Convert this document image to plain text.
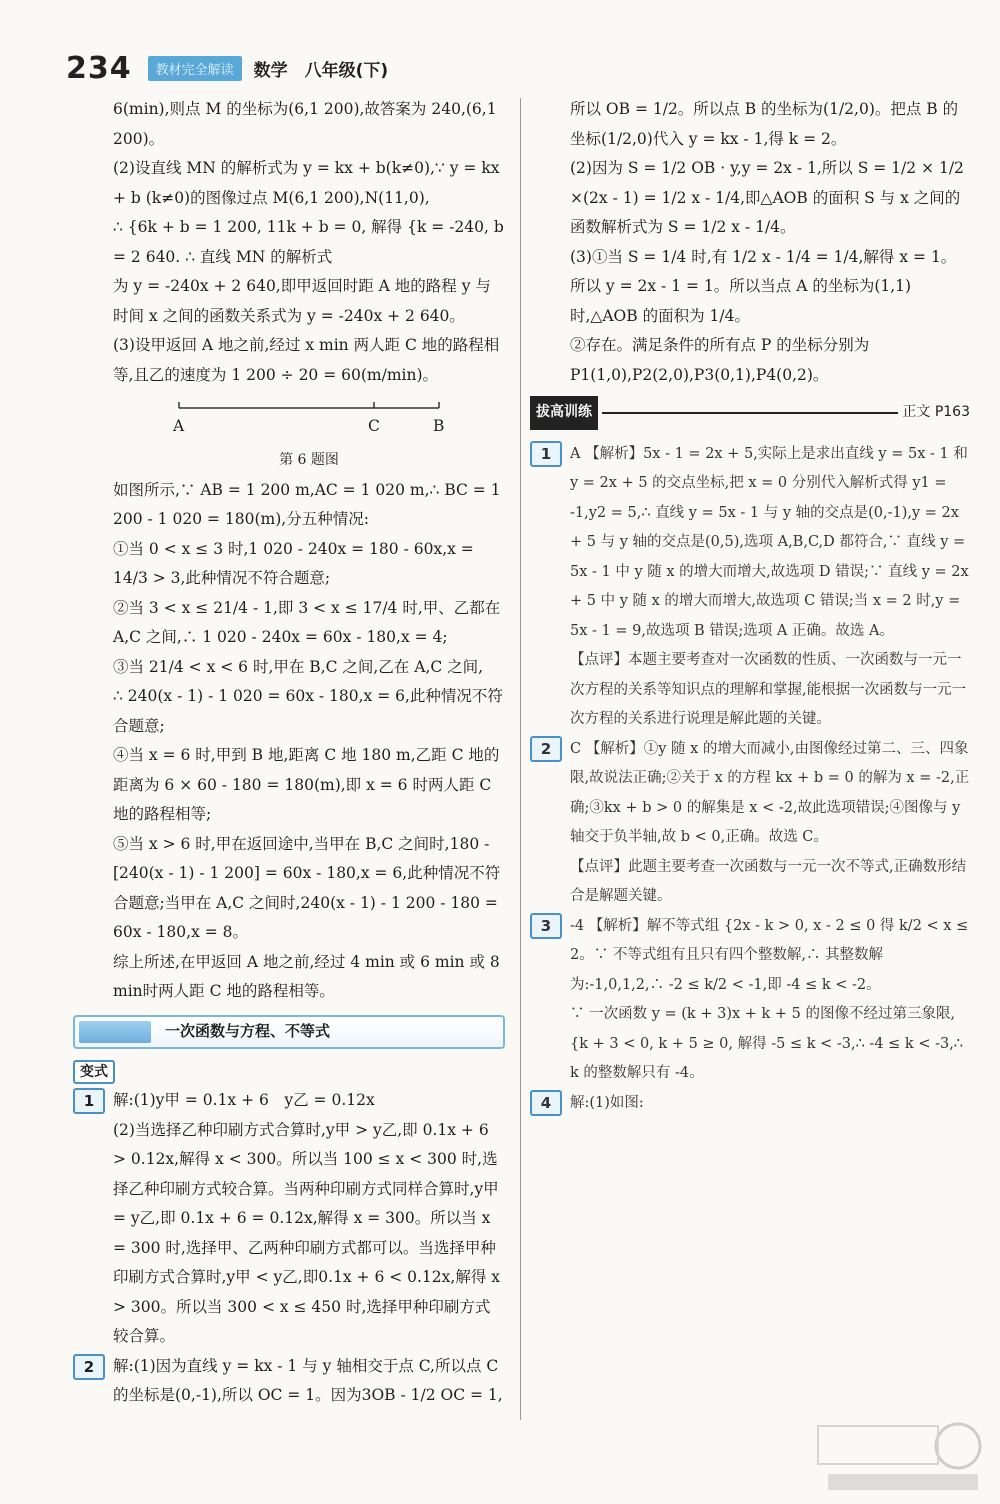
234	教材完全解读	数学　八年级(下)

6(min),则点 M 的坐标为(6,1 200),故答案为 240,(6,1 200)。

(2)设直线 MN 的解析式为 y = kx + b(k≠0),∵ y = kx + b (k≠0)的图像过点 M(6,1 200),N(11,0),

∴ {6k + b = 1 200, 11k + b = 0, 解得 {k = -240, b = 2 640. ∴ 直线 MN 的解析式

为 y = -240x + 2 640,即甲返回时距 A 地的路程 y 与时间 x 之间的函数关系式为 y = -240x + 2 640。

(3)设甲返回 A 地之前,经过 x min 两人距 C 地的路程相等,且乙的速度为 1 200 ÷ 20 = 60(m/min)。

A	C	B
第 6 题图

如图所示,∵ AB = 1 200 m,AC = 1 020 m,∴ BC = 1 200 - 1 020 = 180(m),分五种情况:

①当 0 < x ≤ 3 时,1 020 - 240x = 180 - 60x,x = 14/3 > 3,此种情况不符合题意;

②当 3 < x ≤ 21/4 - 1,即 3 < x ≤ 17/4 时,甲、乙都在 A,C 之间,∴ 1 020 - 240x = 60x - 180,x = 4;

③当 21/4 < x < 6 时,甲在 B,C 之间,乙在 A,C 之间,

∴ 240(x - 1) - 1 020 = 60x - 180,x = 6,此种情况不符合题意;

④当 x = 6 时,甲到 B 地,距离 C 地 180 m,乙距 C 地的距离为 6 × 60 - 180 = 180(m),即 x = 6 时两人距 C 地的路程相等;

⑤当 x > 6 时,甲在返回途中,当甲在 B,C 之间时,180 - [240(x - 1) - 1 200] = 60x - 180,x = 6,此种情况不符合题意;当甲在 A,C 之间时,240(x - 1) - 1 200 - 180 = 60x - 180,x = 8。

综上所述,在甲返回 A 地之前,经过 4 min 或 6 min 或 8 min时两人距 C 地的路程相等。

一次函数与方程、不等式
变式

1 解:(1)y甲 = 0.1x + 6　y乙 = 0.12x

(2)当选择乙种印刷方式合算时,y甲 > y乙,即 0.1x + 6 > 0.12x,解得 x < 300。所以当 100 ≤ x < 300 时,选择乙种印刷方式较合算。当两种印刷方式同样合算时,y甲 = y乙,即 0.1x + 6 = 0.12x,解得 x = 300。所以当 x = 300 时,选择甲、乙两种印刷方式都可以。当选择甲种印刷方式合算时,y甲 < y乙,即0.1x + 6 < 0.12x,解得 x > 300。所以当 300 < x ≤ 450 时,选择甲种印刷方式较合算。

2 解:(1)因为直线 y = kx - 1 与 y 轴相交于点 C,所以点 C 的坐标是(0,-1),所以 OC = 1。因为3OB - 1/2 OC = 1,

所以 OB = 1/2。所以点 B 的坐标为(1/2,0)。把点 B 的坐标(1/2,0)代入 y = kx - 1,得 k = 2。

(2)因为 S = 1/2 OB · y,y = 2x - 1,所以 S = 1/2 × 1/2 ×(2x - 1) = 1/2 x - 1/4,即△AOB 的面积 S 与 x 之间的函数解析式为 S = 1/2 x - 1/4。

(3)①当 S = 1/4 时,有 1/2 x - 1/4 = 1/4,解得 x = 1。所以 y = 2x - 1 = 1。所以当点 A 的坐标为(1,1)时,△AOB 的面积为 1/4。

②存在。满足条件的所有点 P 的坐标分别为 P1(1,0),P2(2,0),P3(0,1),P4(0,2)。

拔高训练	正文 P163

1 A 【解析】5x - 1 = 2x + 5,实际上是求出直线 y = 5x - 1 和 y = 2x + 5 的交点坐标,把 x = 0 分别代入解析式得 y1 = -1,y2 = 5,∴ 直线 y = 5x - 1 与 y 轴的交点是(0,-1),y = 2x + 5 与 y 轴的交点是(0,5),选项 A,B,C,D 都符合,∵ 直线 y = 5x - 1 中 y 随 x 的增大而增大,故选项 D 错误;∵ 直线 y = 2x + 5 中 y 随 x 的增大而增大,故选项 C 错误;当 x = 2 时,y = 5x - 1 = 9,故选项 B 错误;选项 A 正确。故选 A。

【点评】本题主要考查对一次函数的性质、一次函数与一元一次方程的关系等知识点的理解和掌握,能根据一次函数与一元一次方程的关系进行说理是解此题的关键。

2 C 【解析】①y 随 x 的增大而减小,由图像经过第二、三、四象限,故说法正确;②关于 x 的方程 kx + b = 0 的解为 x = -2,正确;③kx + b > 0 的解集是 x < -2,故此选项错误;④图像与 y 轴交于负半轴,故 b < 0,正确。故选 C。

【点评】此题主要考查一次函数与一元一次不等式,正确数形结合是解题关键。

3 -4 【解析】解不等式组 {2x - k > 0, x - 2 ≤ 0 得 k/2 < x ≤ 2。∵ 不等式组有且只有四个整数解,∴ 其整数解为:-1,0,1,2,∴ -2 ≤ k/2 < -1,即 -4 ≤ k < -2。

∵ 一次函数 y = (k + 3)x + k + 5 的图像不经过第三象限,{k + 3 < 0, k + 5 ≥ 0, 解得 -5 ≤ k < -3,∴ -4 ≤ k < -3,∴ k 的整数解只有 -4。

4 解:(1)如图:
